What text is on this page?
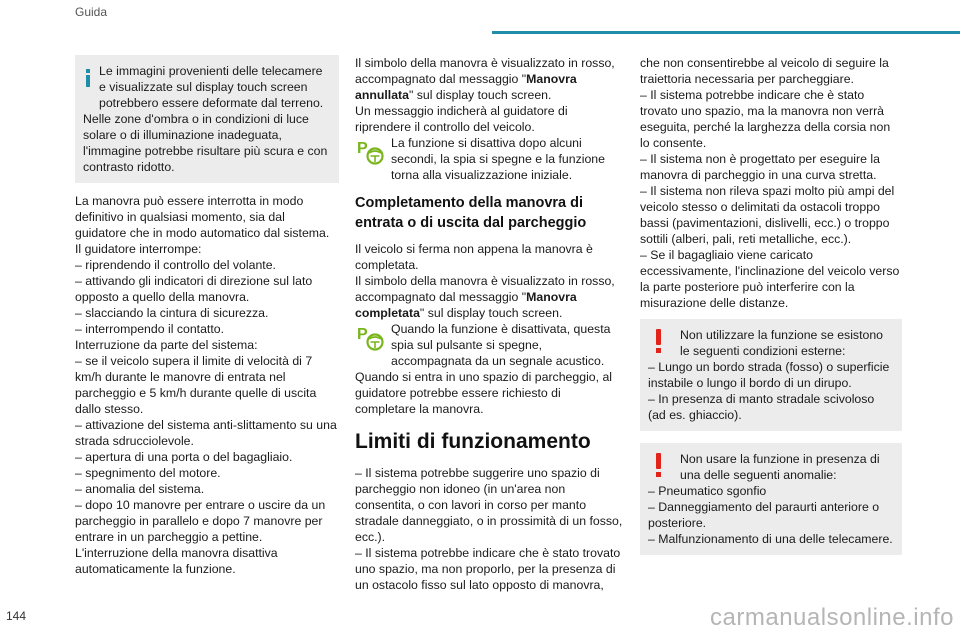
Guida

Le immagini provenienti delle telecamere e visualizzate sul display touch screen potrebbero essere deformate dal terreno.

Nelle zone d'ombra o in condizioni di luce solare o di illuminazione inadeguata, l'immagine potrebbe risultare più scura e con contrasto ridotto.

La manovra può essere interrotta in modo definitivo in qualsiasi momento, sia dal guidatore che in modo automatico dal sistema.

Il guidatore interrompe:

– riprendendo il controllo del volante.

– attivando gli indicatori di direzione sul lato opposto a quello della manovra.

– slacciando la cintura di sicurezza.

– interrompendo il contatto.

Interruzione da parte del sistema:

– se il veicolo supera il limite di velocità di 7 km/h durante le manovre di entrata nel parcheggio e 5 km/h durante quelle di uscita dallo stesso.

– attivazione del sistema anti-slittamento su una strada sdrucciolevole.

– apertura di una porta o del bagagliaio.

– spegnimento del motore.

– anomalia del sistema.

– dopo 10 manovre per entrare o uscire da un parcheggio in parallelo e dopo 7 manovre per entrare in un parcheggio a pettine.

L'interruzione della manovra disattiva automaticamente la funzione.

Il simbolo della manovra è visualizzato in rosso, accompagnato dal messaggio "Manovra annullata" sul display touch screen.

Un messaggio indicherà al guidatore di riprendere il controllo del veicolo.

P La funzione si disattiva dopo alcuni secondi, la spia si spegne e la funzione torna alla visualizzazione iniziale.

Completamento della manovra di entrata o di uscita dal parcheggio

Il veicolo si ferma non appena la manovra è completata.

Il simbolo della manovra è visualizzato in rosso, accompagnato dal messaggio "Manovra completata" sul display touch screen.

P Quando la funzione è disattivata, questa spia sul pulsante si spegne, accompagnata da un segnale acustico.

Quando si entra in uno spazio di parcheggio, al guidatore potrebbe essere richiesto di completare la manovra.

Limiti di funzionamento

– Il sistema potrebbe suggerire uno spazio di parcheggio non idoneo (in un'area non consentita, o con lavori in corso per manto stradale danneggiato, o in prossimità di un fosso, ecc.).

– Il sistema potrebbe indicare che è stato trovato uno spazio, ma non proporlo, per la presenza di un ostacolo fisso sul lato opposto di manovra,

che non consentirebbe al veicolo di seguire la traiettoria necessaria per parcheggiare.

– Il sistema potrebbe indicare che è stato trovato uno spazio, ma la manovra non verrà eseguita, perché la larghezza della corsia non lo consente.

– Il sistema non è progettato per eseguire la manovra di parcheggio in una curva stretta.

– Il sistema non rileva spazi molto più ampi del veicolo stesso o delimitati da ostacoli troppo bassi (pavimentazioni, dislivelli, ecc.) o troppo sottili (alberi, pali, reti metalliche, ecc.).

– Se il bagagliaio viene caricato eccessivamente, l'inclinazione del veicolo verso la parte posteriore può interferire con la misurazione delle distanze.

Non utilizzare la funzione se esistono le seguenti condizioni esterne:

– Lungo un bordo strada (fosso) o superficie instabile o lungo il bordo di un dirupo.

– In presenza di manto stradale scivoloso (ad es. ghiaccio).

Non usare la funzione in presenza di una delle seguenti anomalie:

– Pneumatico sgonfio

– Danneggiamento del paraurti anteriore o posteriore.

– Malfunzionamento di una delle telecamere.

144	carmanualsonline.info
